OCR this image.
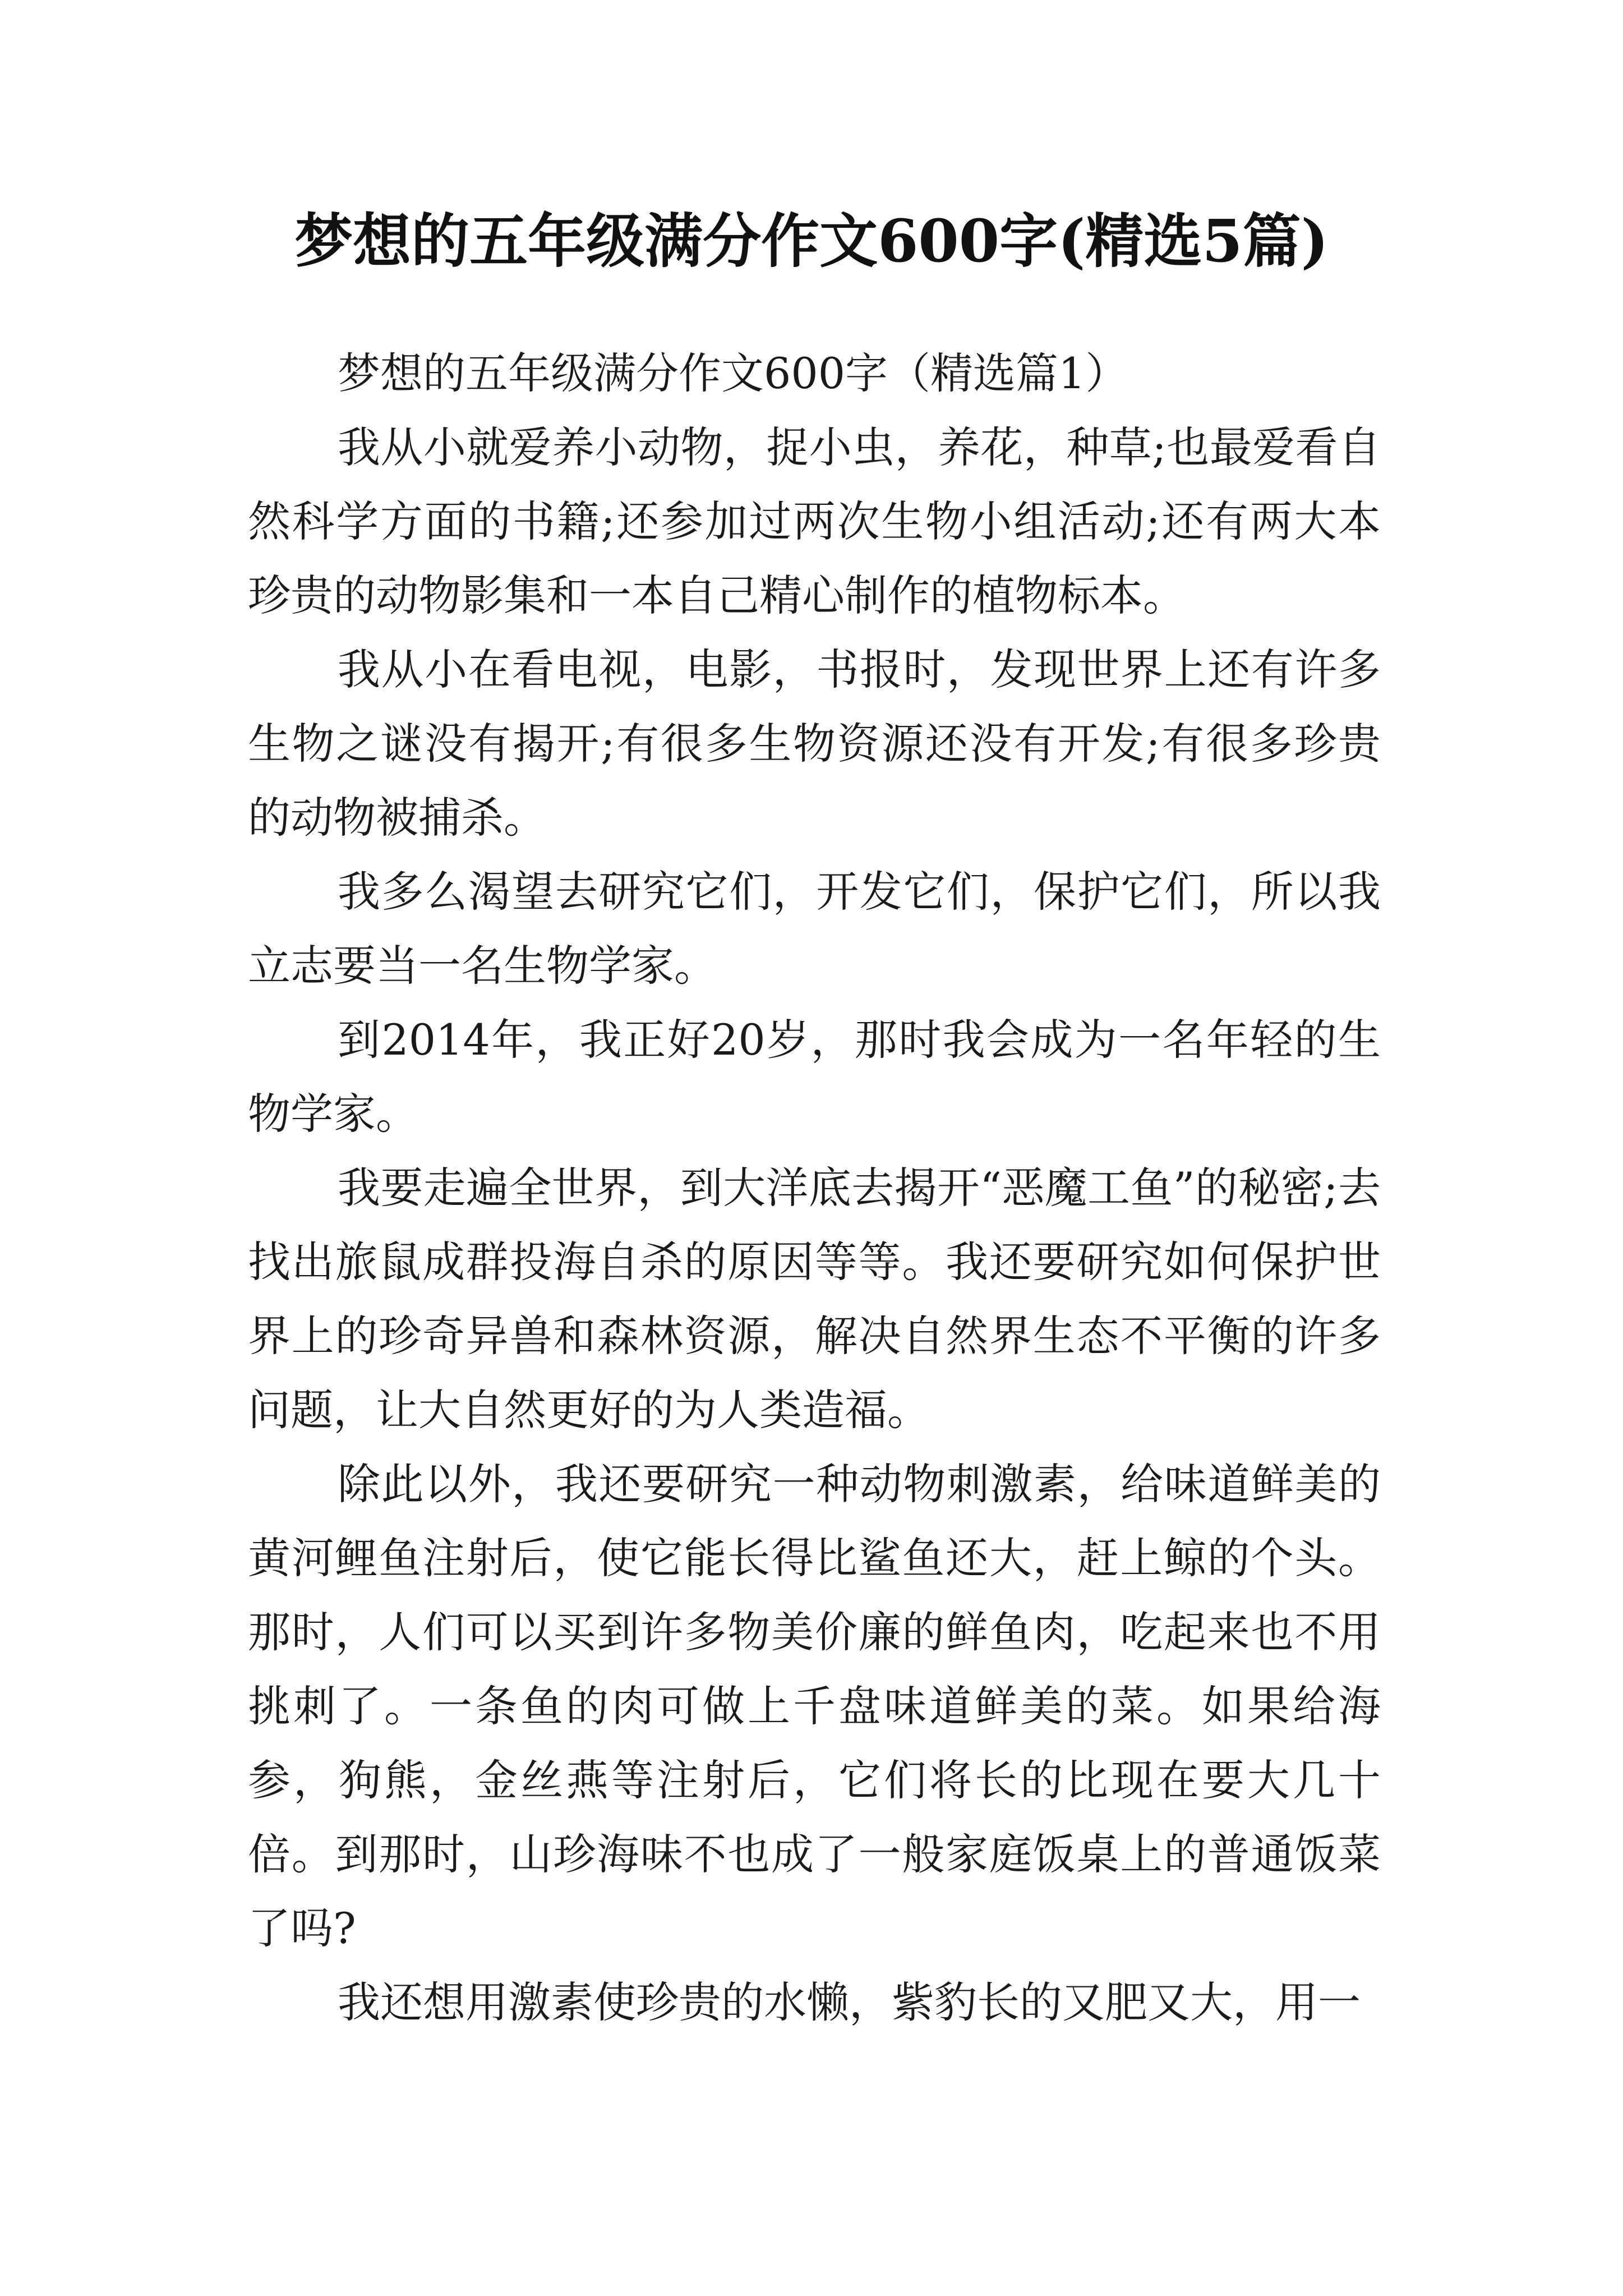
梦想的五年级满分作文600字(精选5篇)

梦想的五年级满分作文600字（精选篇1）

我从小就爱养小动物，捉小虫，养花，种草;也最爱看自然科学方面的书籍;还参加过两次生物小组活动;还有两大本珍贵的动物影集和一本自己精心制作的植物标本。

我从小在看电视，电影，书报时，发现世界上还有许多生物之谜没有揭开;有很多生物资源还没有开发;有很多珍贵的动物被捕杀。

我多么渴望去研究它们，开发它们，保护它们，所以我立志要当一名生物学家。

到2014年，我正好20岁，那时我会成为一名年轻的生物学家。

我要走遍全世界，到大洋底去揭开“恶魔工鱼”的秘密;去找出旅鼠成群投海自杀的原因等等。我还要研究如何保护世界上的珍奇异兽和森林资源，解决自然界生态不平衡的许多问题，让大自然更好的为人类造福。

除此以外，我还要研究一种动物刺激素，给味道鲜美的黄河鲤鱼注射后，使它能长得比鲨鱼还大，赶上鲸的个头。那时，人们可以买到许多物美价廉的鲜鱼肉，吃起来也不用挑刺了。一条鱼的肉可做上千盘味道鲜美的菜。如果给海参，狗熊，金丝燕等注射后，它们将长的比现在要大几十倍。到那时，山珍海味不也成了一般家庭饭桌上的普通饭菜了吗?

我还想用激素使珍贵的水懒，紫豹长的又肥又大，用一
